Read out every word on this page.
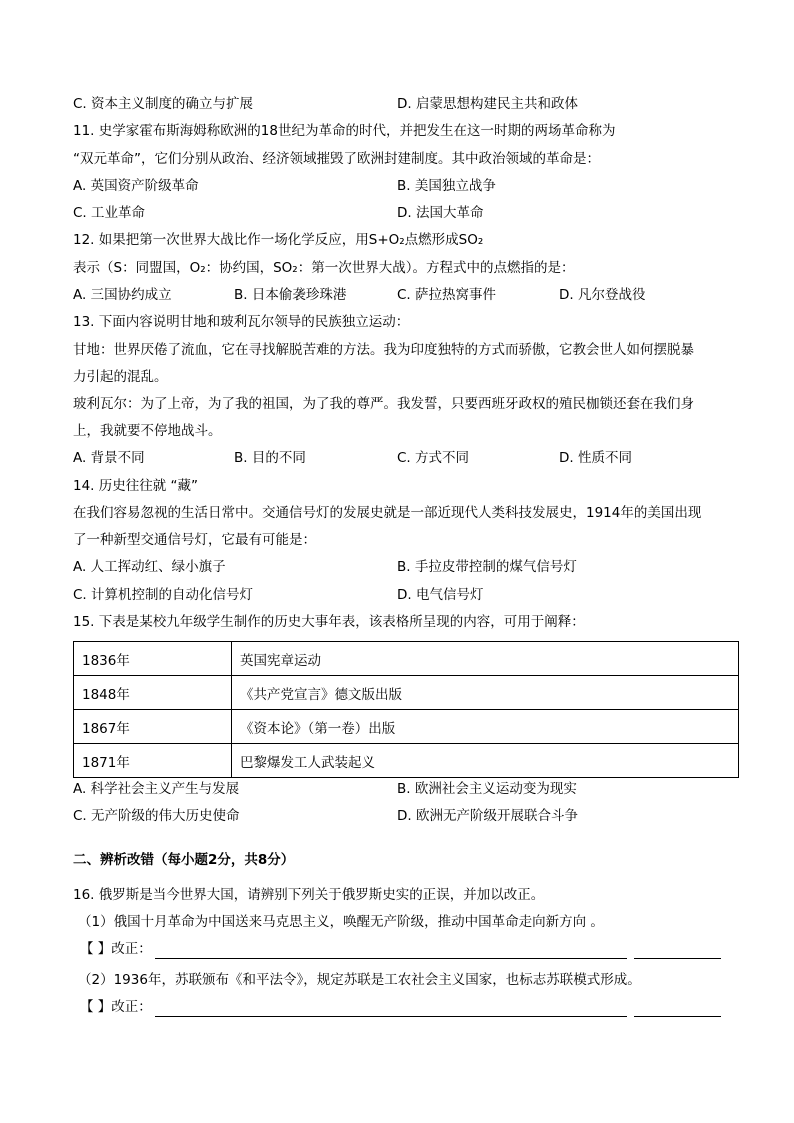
C. 资本主义制度的确立与扩展	D. 启蒙思想构建民主共和政体
11. 史学家霍布斯海姆称欧洲的18世纪为革命的时代，并把发生在这一时期的两场革命称为
“双元革命”，它们分别从政治、经济领域摧毁了欧洲封建制度。其中政治领域的革命是：
A. 英国资产阶级革命	B. 美国独立战争
C. 工业革命	D. 法国大革命
12. 如果把第一次世界大战比作一场化学反应，用S+O₂点燃形成SO₂
表示（S：同盟国，O₂：协约国，SO₂：第一次世界大战）。方程式中的点燃指的是：
A. 三国协约成立	B. 日本偷袭珍珠港	C. 萨拉热窝事件	D. 凡尔登战役
13. 下面内容说明甘地和玻利瓦尔领导的民族独立运动：
甘地：世界厌倦了流血，它在寻找解脱苦难的方法。我为印度独特的方式而骄傲，它教会世人如何摆脱暴
力引起的混乱。
玻利瓦尔：为了上帝，为了我的祖国，为了我的尊严。我发誓，只要西班牙政权的殖民枷锁还套在我们身
上，我就要不停地战斗。
A. 背景不同	B. 目的不同	C. 方式不同	D. 性质不同
14. 历史往往就 “藏”
在我们容易忽视的生活日常中。交通信号灯的发展史就是一部近现代人类科技发展史，1914年的美国出现
了一种新型交通信号灯，它最有可能是：
A. 人工挥动红、绿小旗子	B. 手拉皮带控制的煤气信号灯
C. 计算机控制的自动化信号灯	D. 电气信号灯
15. 下表是某校九年级学生制作的历史大事年表，该表格所呈现的内容，可用于阐释：
1836年	英国宪章运动
1848年	《共产党宣言》德文版出版
1867年	《资本论》（第一卷）出版
1871年	巴黎爆发工人武装起义
A. 科学社会主义产生与发展	B. 欧洲社会主义运动变为现实
C. 无产阶级的伟大历史使命	D. 欧洲无产阶级开展联合斗争
二、辨析改错（每小题2分，共8分）
16. 俄罗斯是当今世界大国，请辨别下列关于俄罗斯史实的正误，并加以改正。
（1）俄国十月革命为中国送来马克思主义，唤醒无产阶级，推动中国革命走向新方向 。
【 】改正：
（2）1936年，苏联颁布《和平法令》，规定苏联是工农社会主义国家，也标志苏联模式形成。
【 】改正：
